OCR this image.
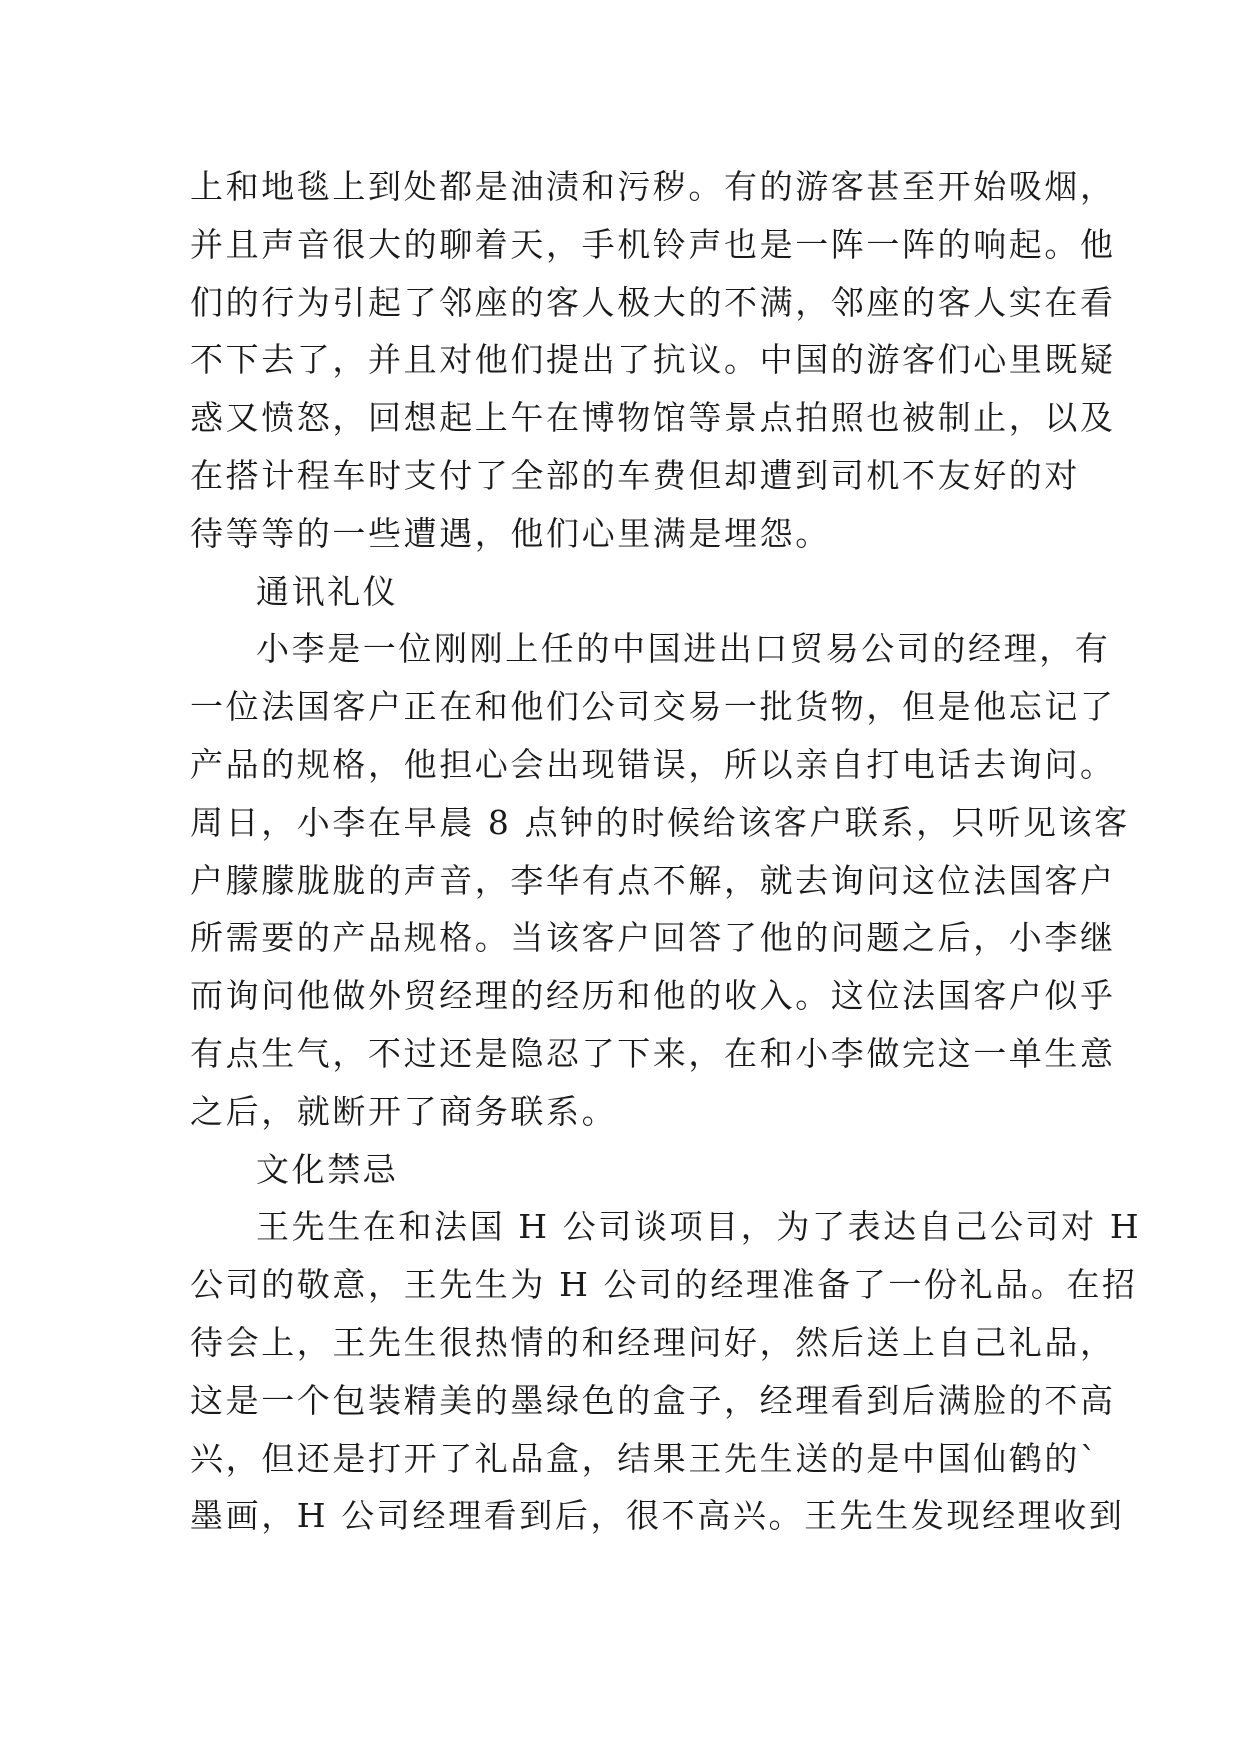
上和地毯上到处都是油渍和污秽。有的游客甚至开始吸烟，
并且声音很大的聊着天，手机铃声也是一阵一阵的响起。他
们的行为引起了邻座的客人极大的不满，邻座的客人实在看
不下去了，并且对他们提出了抗议。中国的游客们心里既疑
惑又愤怒，回想起上午在博物馆等景点拍照也被制止，以及
在搭计程车时支付了全部的车费但却遭到司机不友好的对
待等等的一些遭遇，他们心里满是埋怨。
通讯礼仪
小李是一位刚刚上任的中国进出口贸易公司的经理，有
一位法国客户正在和他们公司交易一批货物，但是他忘记了
产品的规格，他担心会出现错误，所以亲自打电话去询问。
周日，小李在早晨 8 点钟的时候给该客户联系，只听见该客
户朦朦胧胧的声音，李华有点不解，就去询问这位法国客户
所需要的产品规格。当该客户回答了他的问题之后，小李继
而询问他做外贸经理的经历和他的收入。这位法国客户似乎
有点生气，不过还是隐忍了下来，在和小李做完这一单生意
之后，就断开了商务联系。
文化禁忌
王先生在和法国 H 公司谈项目，为了表达自己公司对 H
公司的敬意，王先生为 H 公司的经理准备了一份礼品。在招
待会上，王先生很热情的和经理问好，然后送上自己礼品，
这是一个包装精美的墨绿色的盒子，经理看到后满脸的不高
兴，但还是打开了礼品盒，结果王先生送的是中国仙鹤的`
墨画，H 公司经理看到后，很不高兴。王先生发现经理收到
